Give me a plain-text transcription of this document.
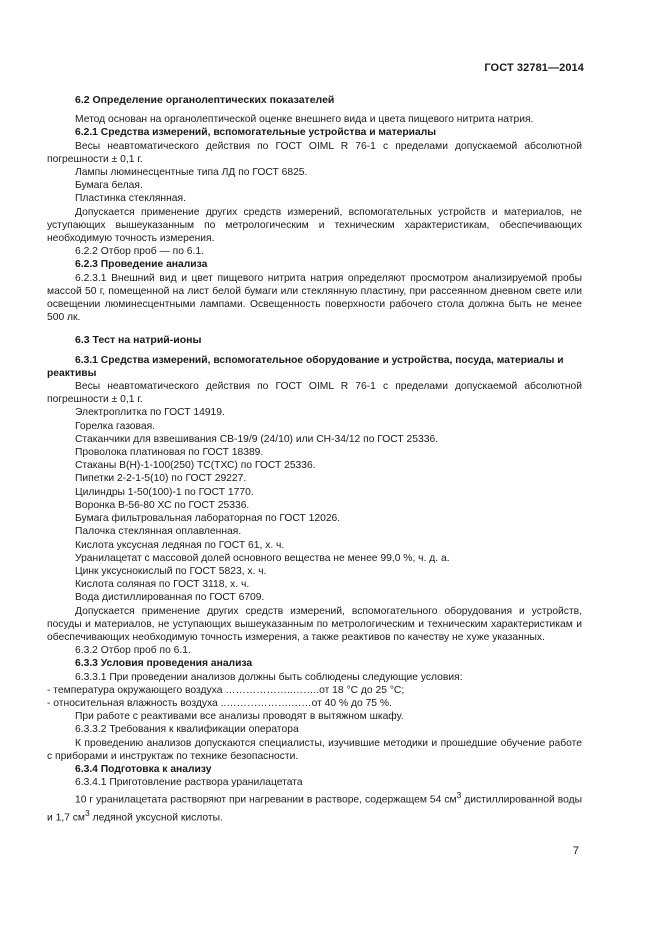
ГОСТ 32781—2014

6.2 Определение органолептических показателей

Метод основан на органолептической оценке внешнего вида и цвета пищевого нитрита натрия.

6.2.1 Средства измерений, вспомогательные устройства и материалы

Весы неавтоматического действия по ГОСТ OIML R 76-1 с пределами допускаемой абсолютной погрешности ± 0,1 г.

Лампы люминесцентные типа ЛД по ГОСТ 6825.

Бумага белая.

Пластинка стеклянная.

Допускается применение других средств измерений, вспомогательных устройств и материалов, не уступающих вышеуказанным по метрологическим и техническим характеристикам, обеспечивающих необходимую точность измерения.

6.2.2 Отбор проб — по 6.1.

6.2.3 Проведение анализа

6.2.3.1 Внешний вид и цвет пищевого нитрита натрия определяют просмотром анализируемой пробы массой 50 г, помещенной на лист белой бумаги или стеклянную пластину, при рассеянном дневном свете или освещении люминесцентными лампами. Освещенность поверхности рабочего стола должна быть не менее 500 лк.

6.3 Тест на натрий-ионы

6.3.1 Средства измерений, вспомогательное оборудование и устройства, посуда, материалы и реактивы

Весы неавтоматического действия по ГОСТ OIML R 76-1 с пределами допускаемой абсолютной погрешности ± 0,1 г.

Электроплитка по ГОСТ 14919.

Горелка газовая.

Стаканчики для взвешивания СВ-19/9 (24/10) или СН-34/12 по ГОСТ 25336.

Проволока платиновая по ГОСТ 18389.

Стаканы В(Н)-1-100(250) ТС(ТХС) по ГОСТ 25336.

Пипетки 2-2-1-5(10) по ГОСТ 29227.

Цилиндры 1-50(100)-1 по ГОСТ 1770.

Воронка В-56-80 ХС по ГОСТ 25336.

Бумага фильтровальная лабораторная по ГОСТ 12026.

Палочка стеклянная оплавленная.

Кислота уксусная ледяная по ГОСТ 61, х. ч.

Уранилацетат с массовой долей основного вещества не менее 99,0 %, ч. д. а.

Цинк уксуснокислый по ГОСТ 5823, х. ч.

Кислота соляная по ГОСТ 3118, х. ч.

Вода дистиллированная по ГОСТ 6709.

Допускается применение других средств измерений, вспомогательного оборудования и устройств, посуды и материалов, не уступающих вышеуказанным по метрологическим и техническим характеристикам и обеспечивающих необходимую точность измерения, а также реактивов по качеству не хуже указанных.

6.3.2 Отбор проб по 6.1.

6.3.3 Условия проведения анализа

6.3.3.1 При проведении анализов должны быть соблюдены следующие условия:

- температура окружающего воздуха ………………..……..от 18 °С до 25 °С;

- относительная влажность воздуха ..……………….……от 40 % до 75 %.

При работе с реактивами все анализы проводят в вытяжном шкафу.

6.3.3.2 Требования к квалификации оператора

К проведению анализов допускаются специалисты, изучившие методики и прошедшие обучение работе с приборами и инструктаж по технике безопасности.

6.3.4 Подготовка к анализу

6.3.4.1 Приготовление раствора уранилацетата

10 г уранилацетата растворяют при нагревании в растворе, содержащем 54 $см^3$ дистиллированной воды и 1,7 $см^3$ ледяной уксусной кислоты.

7
